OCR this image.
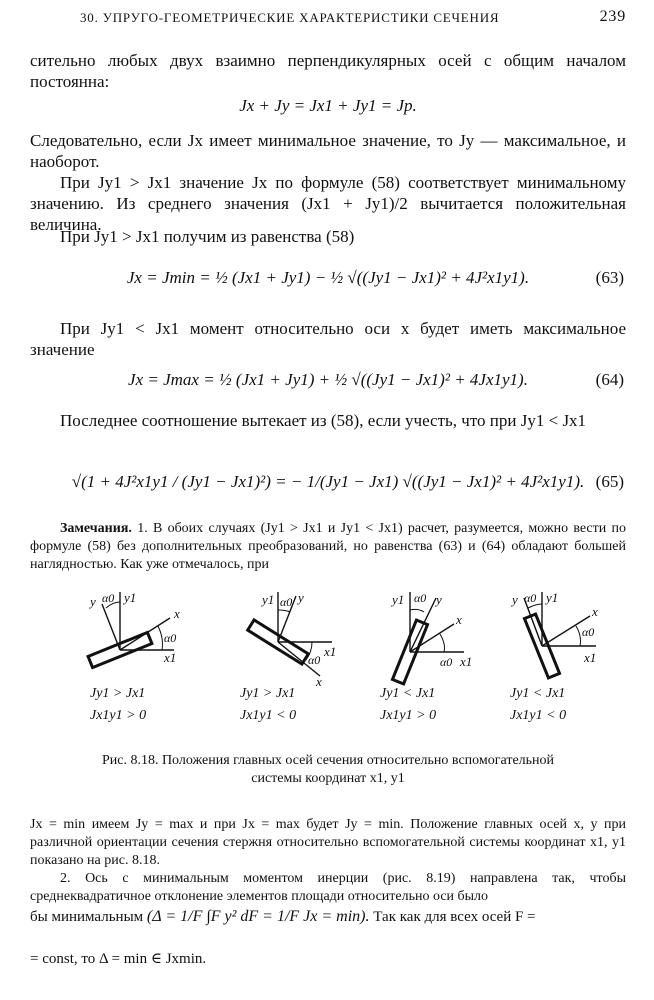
30. УПРУГО-ГЕОМЕТРИЧЕСКИЕ ХАРАКТЕРИСТИКИ СЕЧЕНИЯ	239
сительно любых двух взаимно перпендикулярных осей с общим началом постоянна:
Jx + Jy = Jx1 + Jy1 = Jp.
Следовательно, если Jx имеет минимальное значение, то Jy — максимальное, и наоборот.
При Jy1 > Jx1 значение Jx по формуле (58) соответствует минимальному значению. Из среднего значения (Jx1 + Jy1)/2 вычитается положительная величина.
При Jy1 > Jx1 получим из равенства (58)
Jx = Jmin = ½ (Jx1 + Jy1) − ½ √((Jy1 − Jx1)² + 4J²x1y1).	(63)
При Jy1 < Jx1 момент относительно оси x будет иметь максимальное значение
Jx = Jmax = ½ (Jx1 + Jy1) + ½ √((Jy1 − Jx1)² + 4Jx1y1).	(64)
Последнее соотношение вытекает из (58), если учесть, что при Jy1 < Jx1
√(1 + 4J²x1y1 / (Jy1 − Jx1)²) = − 1/(Jy1 − Jx1) √((Jy1 − Jx1)² + 4J²x1y1). (65)
Замечания. 1. В обоих случаях (Jy1 > Jx1 и Jy1 < Jx1) расчет, разумеется, можно вести по формуле (58) без дополнительных преобразований, но равенства (63) и (64) обладают большей наглядностью. Как уже отмечалось, при
y α0 y1
x
α0
x1
Jy1 > Jx1
Jx1y1 > 0
y1 α0 y
α0
x1
x
Jy1 > Jx1
Jx1y1 < 0
y1 α0 y
x
α0 x1
Jy1 < Jx1
Jx1y1 > 0
y α0 y1
x
α0
x1
Jy1 < Jx1
Jx1y1 < 0
Рис. 8.18. Положения главных осей сечения относительно вспомогательной
системы координат x1, y1
Jx = min имеем Jy = max и при Jx = max будет Jy = min. Положение главных осей x, y при различной ориентации сечения стержня относительно вспомогательной системы координат x1, y1 показано на рис. 8.18.
2. Ось с минимальным моментом инерции (рис. 8.19) направлена так, чтобы среднеквадратичное отклонение элементов площади относительно оси было
бы минимальным (Δ = 1/F ∫F y² dF = 1/F Jx = min). Так как для всех осей F =
= const, то Δ = min ∈ Jxmin.
